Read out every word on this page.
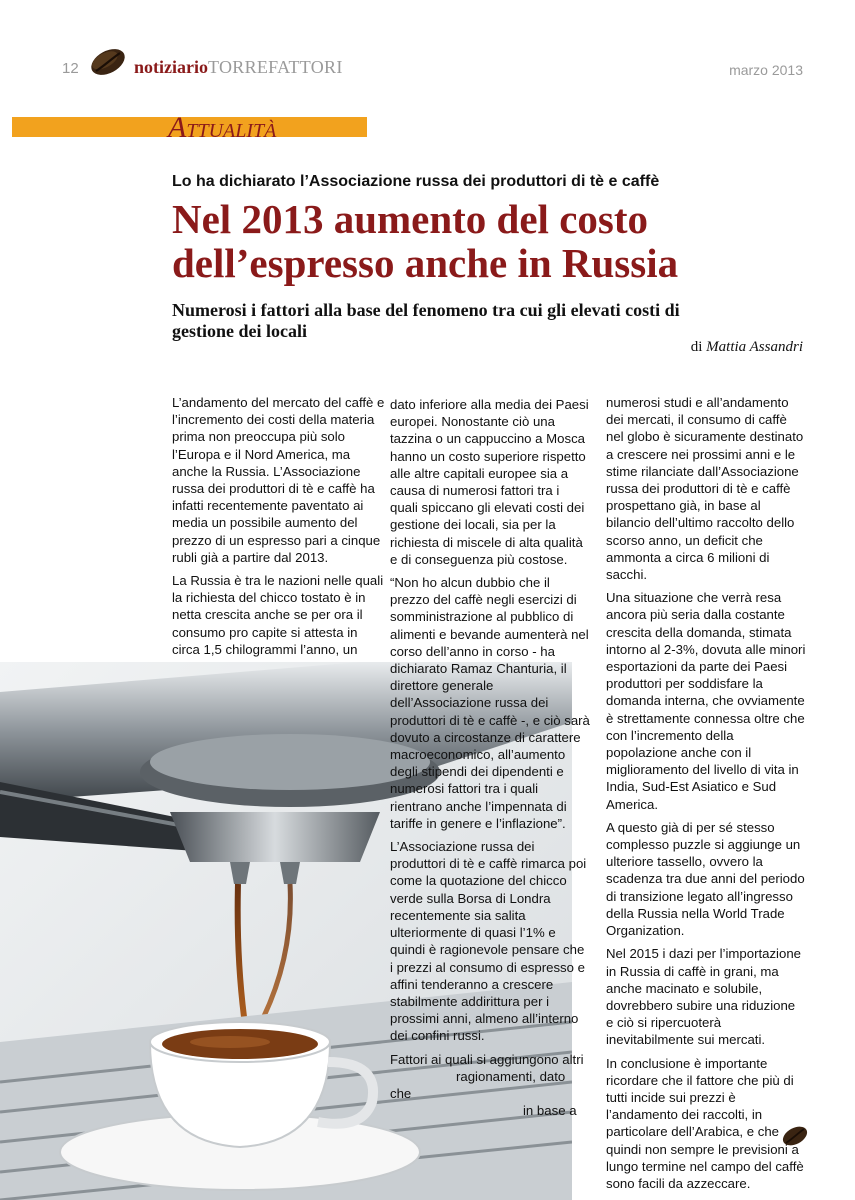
12	notiziarioTORREFATTORI	marzo 2013
ATTUALITÀ
Lo ha dichiarato l’Associazione russa dei produttori di tè e caffè
Nel 2013 aumento del costo
dell’espresso anche in Russia

Numerosi i fattori alla base del fenomeno tra cui gli elevati costi di gestione dei locali

di Mattia Assandri

L’andamento del mercato del caffè e l’incremento dei costi della materia prima non preoccupa più solo l’Europa e il Nord America, ma anche la Russia. L’Associazione russa dei produttori di tè e caffè ha infatti recentemente paventato ai media un possibile aumento del prezzo di un espresso pari a cinque rubli già a partire dal 2013.

La Russia è tra le nazioni nelle quali la richiesta del chicco tostato è in netta crescita anche se per ora il consumo pro capite si attesta in circa 1,5 chilogrammi l’anno, un

dato inferiore alla media dei Paesi europei. Nonostante ciò una tazzina o un cappuccino a Mosca hanno un costo superiore rispetto alle altre capitali europee sia a causa di numerosi fattori tra i quali spiccano gli elevati costi dei gestione dei locali, sia per la richiesta di miscele di alta qualità e di conseguenza più costose.

“Non ho alcun dubbio che il prezzo del caffè negli esercizi di somministrazione al pubblico di alimenti e bevande aumenterà nel corso dell’anno in corso - ha dichiarato Ramaz Chanturia, il direttore generale dell’Associazione russa dei produttori di tè e caffè -, e ciò sarà dovuto a circostanze di carattere macroeconomico, all’aumento degli stipendi dei dipendenti e numerosi fattori tra i quali rientrano anche l’impennata di tariffe in genere e l’inflazione”.

L’Associazione russa dei produttori di tè e caffè rimarca poi come la quotazione del chicco verde sulla Borsa di Londra recentemente sia salita ulteriormente di quasi l’1% e quindi è ragionevole pensare che i prezzi al consumo di espresso e affini tenderanno a crescere stabilmente addirittura per i prossimi anni, almeno all’interno dei confini russi.

Fattori ai quali si aggiungono altri
ragionamenti, dato che
in base a

numerosi studi e all’andamento dei mercati, il consumo di caffè nel globo è sicuramente destinato a crescere nei prossimi anni e le stime rilanciate dall’Associazione russa dei produttori di tè e caffè prospettano già, in base al bilancio dell’ultimo raccolto dello scorso anno, un deficit che ammonta a circa 6 milioni di sacchi.

Una situazione che verrà resa ancora più seria dalla costante crescita della domanda, stimata intorno al 2-3%, dovuta alle minori esportazioni da parte dei Paesi produttori per soddisfare la domanda interna, che ovviamente è strettamente connessa oltre che con l’incremento della popolazione anche con il miglioramento del livello di vita in India, Sud-Est Asiatico e Sud America.

A questo già di per sé stesso complesso puzzle si aggiunge un ulteriore tassello, ovvero la scadenza tra due anni del periodo di transizione legato all’ingresso della Russia nella World Trade Organization.

Nel 2015 i dazi per l’importazione in Russia di caffè in grani, ma anche macinato e solubile, dovrebbero subire una riduzione e ciò si ripercuoterà inevitabilmente sui mercati.

In conclusione è importante ricordare che il fattore che più di tutti incide sui prezzi è l’andamento dei raccolti, in particolare dell’Arabica, e che quindi non sempre le previsioni a lungo termine nel campo del caffè sono facili da azzeccare.
